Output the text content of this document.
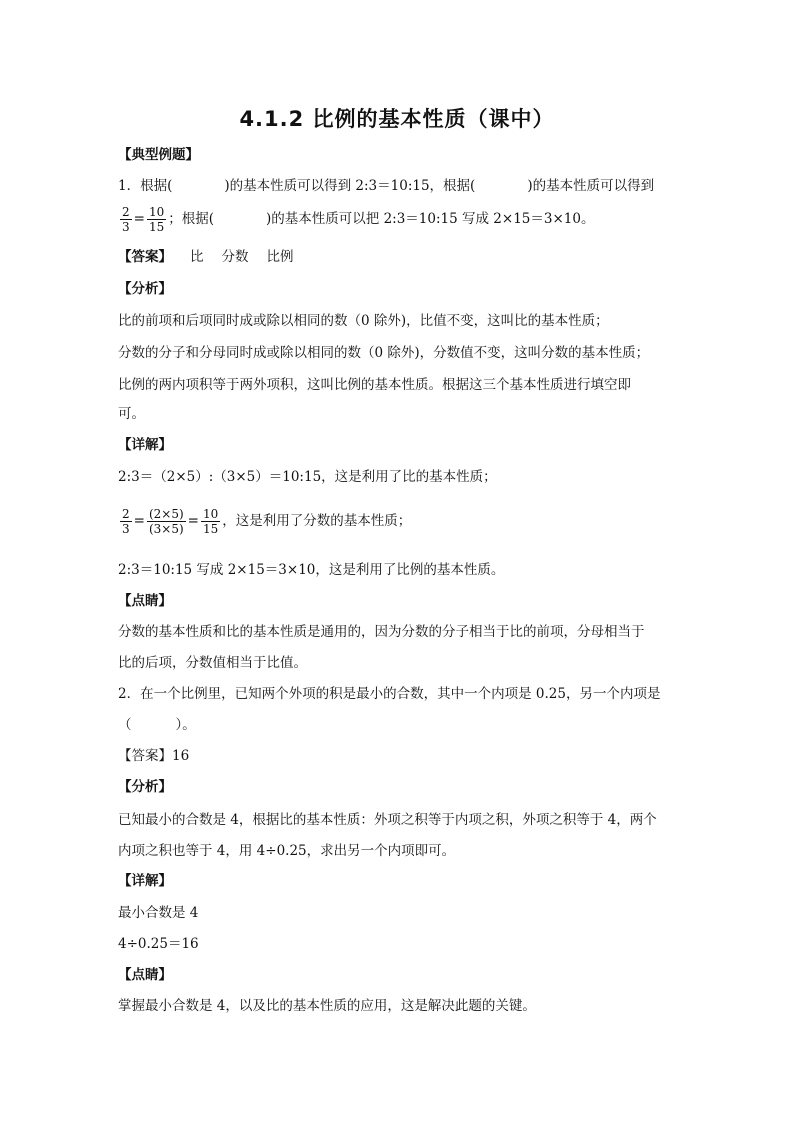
4.1.2 比例的基本性质（课中）
【典型例题】
1．根据(	)的基本性质可以得到 2:3＝10:15，根据(	)的基本性质可以得到
$\frac{2}{3} = \frac{10}{15}$ ；根据(	)的基本性质可以把 2:3＝10:15 写成 2×15＝3×10。
【答案】 比 分数 比例
【分析】
比的前项和后项同时成或除以相同的数（0 除外)，比值不变，这叫比的基本性质；
分数的分子和分母同时成或除以相同的数（0 除外)，分数值不变，这叫分数的基本性质；
比例的两内项积等于两外项积，这叫比例的基本性质。根据这三个基本性质进行填空即
可。
【详解】
2:3＝（2×5）:（3×5）＝10:15，这是利用了比的基本性质；
$\frac{2}{3} = \frac{(2\times 5)}{(3\times 5)} = \frac{10}{15}$ ，这是利用了分数的基本性质；
2:3＝10:15 写成 2×15＝3×10，这是利用了比例的基本性质。
【点睛】
分数的基本性质和比的基本性质是通用的，因为分数的分子相当于比的前项，分母相当于
比的后项，分数值相当于比值。
2．在一个比例里，已知两个外项的积是最小的合数，其中一个内项是 0.25，另一个内项是
（	）。
【答案】16
【分析】
已知最小的合数是 4，根据比的基本性质：外项之积等于内项之积，外项之积等于 4，两个
内项之积也等于 4，用 4÷0.25，求出另一个内项即可。
【详解】
最小合数是 4
4÷0.25＝16
【点睛】
掌握最小合数是 4，以及比的基本性质的应用，这是解决此题的关键。
